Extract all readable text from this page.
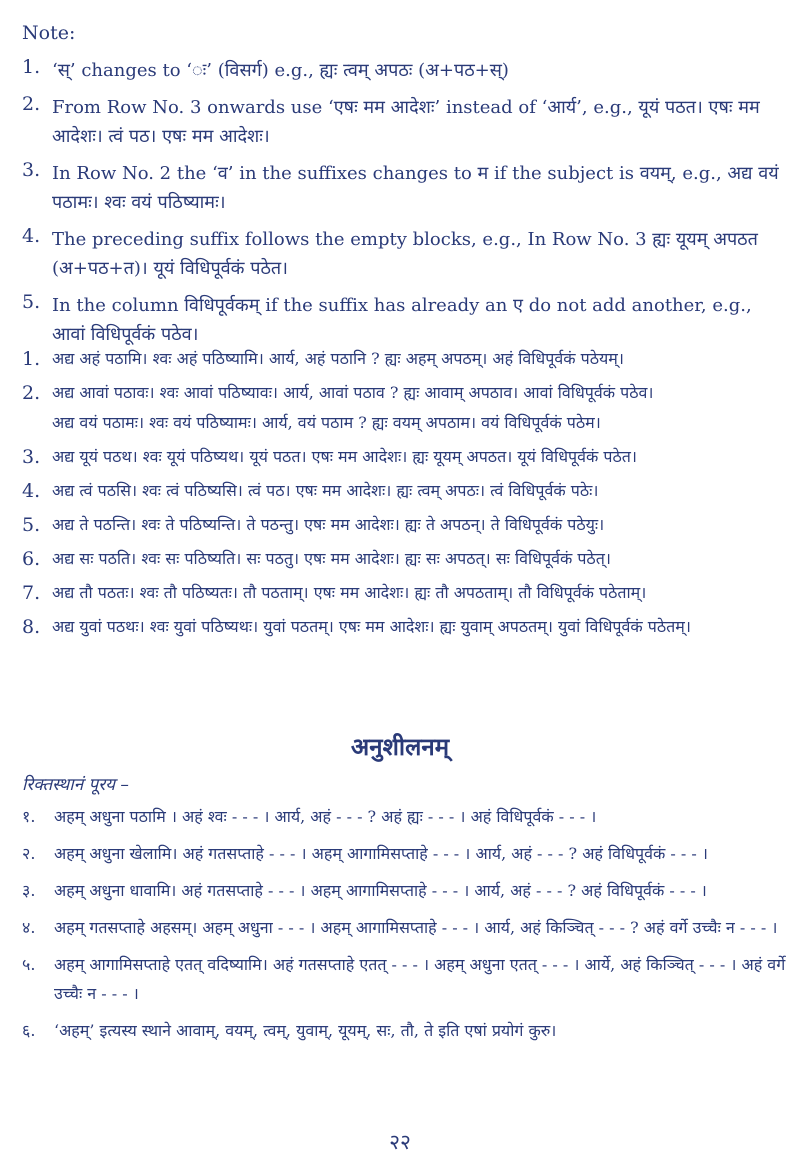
Note:
1. ‘स्’ changes to ‘ः’ (विसर्ग) e.g., ह्यः त्वम् अपठः (अ+पठ+स्)
2. From Row No. 3 onwards use ‘एषः मम आदेशः’ instead of ‘आर्य’, e.g., यूयं पठत। एषः मम आदेशः। त्वं पठ। एषः मम आदेशः।
3. In Row No. 2 the ‘व’ in the suffixes changes to म if the subject is वयम्, e.g., अद्य वयं पठामः। श्वः वयं पठिष्यामः।
4. The preceding suffix follows the empty blocks, e.g., In Row No. 3 ह्यः यूयम् अपठत (अ+पठ+त)। यूयं विधिपूर्वकं पठेत।
5. In the column विधिपूर्वकम् if the suffix has already an ए do not add another, e.g., आवां विधिपूर्वकं पठेव।
1. अद्य अहं पठामि। श्वः अहं पठिष्यामि। आर्य, अहं पठानि ? ह्यः अहम् अपठम्। अहं विधिपूर्वकं पठेयम्।
2. अद्य आवां पठावः। श्वः आवां पठिष्यावः। आर्य, आवां पठाव ? ह्यः आवाम् अपठाव। आवां विधिपूर्वकं पठेव।
अद्य वयं पठामः। श्वः वयं पठिष्यामः। आर्य, वयं पठाम ? ह्यः वयम् अपठाम। वयं विधिपूर्वकं पठेम।
3. अद्य यूयं पठथ। श्वः यूयं पठिष्यथ। यूयं पठत। एषः मम आदेशः। ह्यः यूयम् अपठत। यूयं विधिपूर्वकं पठेत।
4. अद्य त्वं पठसि। श्वः त्वं पठिष्यसि। त्वं पठ। एषः मम आदेशः। ह्यः त्वम् अपठः। त्वं विधिपूर्वकं पठेः।
5. अद्य ते पठन्ति। श्वः ते पठिष्यन्ति। ते पठन्तु। एषः मम आदेशः। ह्यः ते अपठन्। ते विधिपूर्वकं पठेयुः।
6. अद्य सः पठति। श्वः सः पठिष्यति। सः पठतु। एषः मम आदेशः। ह्यः सः अपठत्। सः विधिपूर्वकं पठेत्।
7. अद्य तौ पठतः। श्वः तौ पठिष्यतः। तौ पठताम्। एषः मम आदेशः। ह्यः तौ अपठताम्। तौ विधिपूर्वकं पठेताम्।
8. अद्य युवां पठथः। श्वः युवां पठिष्यथः। युवां पठतम्। एषः मम आदेशः। ह्यः युवाम् अपठतम्। युवां विधिपूर्वकं पठेतम्।
अनुशीलनम्
रिक्तस्थानं पूरय –
१.	अहम् अधुना पठामि । अहं श्वः - - - । आर्य, अहं - - - ? अहं ह्यः - - - । अहं विधिपूर्वकं - - - ।
२.	अहम् अधुना खेलामि। अहं गतसप्ताहे - - - । अहम् आगामिसप्ताहे - - - । आर्य, अहं - - - ? अहं विधिपूर्वकं - - - ।
३.	अहम् अधुना धावामि। अहं गतसप्ताहे - - - । अहम् आगामिसप्ताहे - - - । आर्य, अहं - - - ? अहं विधिपूर्वकं - - - ।
४.	अहम् गतसप्ताहे अहसम्। अहम् अधुना - - - । अहम् आगामिसप्ताहे - - - । आर्य, अहं किञ्चित् - - - ? अहं वर्गे उच्चैः न - - - ।
५.	अहम् आगामिसप्ताहे एतत् वदिष्यामि। अहं गतसप्ताहे एतत् - - - । अहम् अधुना एतत् - - - । आर्ये, अहं किञ्चित् - - - । अहं वर्गे उच्चैः न - - - ।
६.	‘अहम्’ इत्यस्य स्थाने आवाम्, वयम्, त्वम्, युवाम्, यूयम्, सः, तौ, ते इति एषां प्रयोगं कुरु।
२२
